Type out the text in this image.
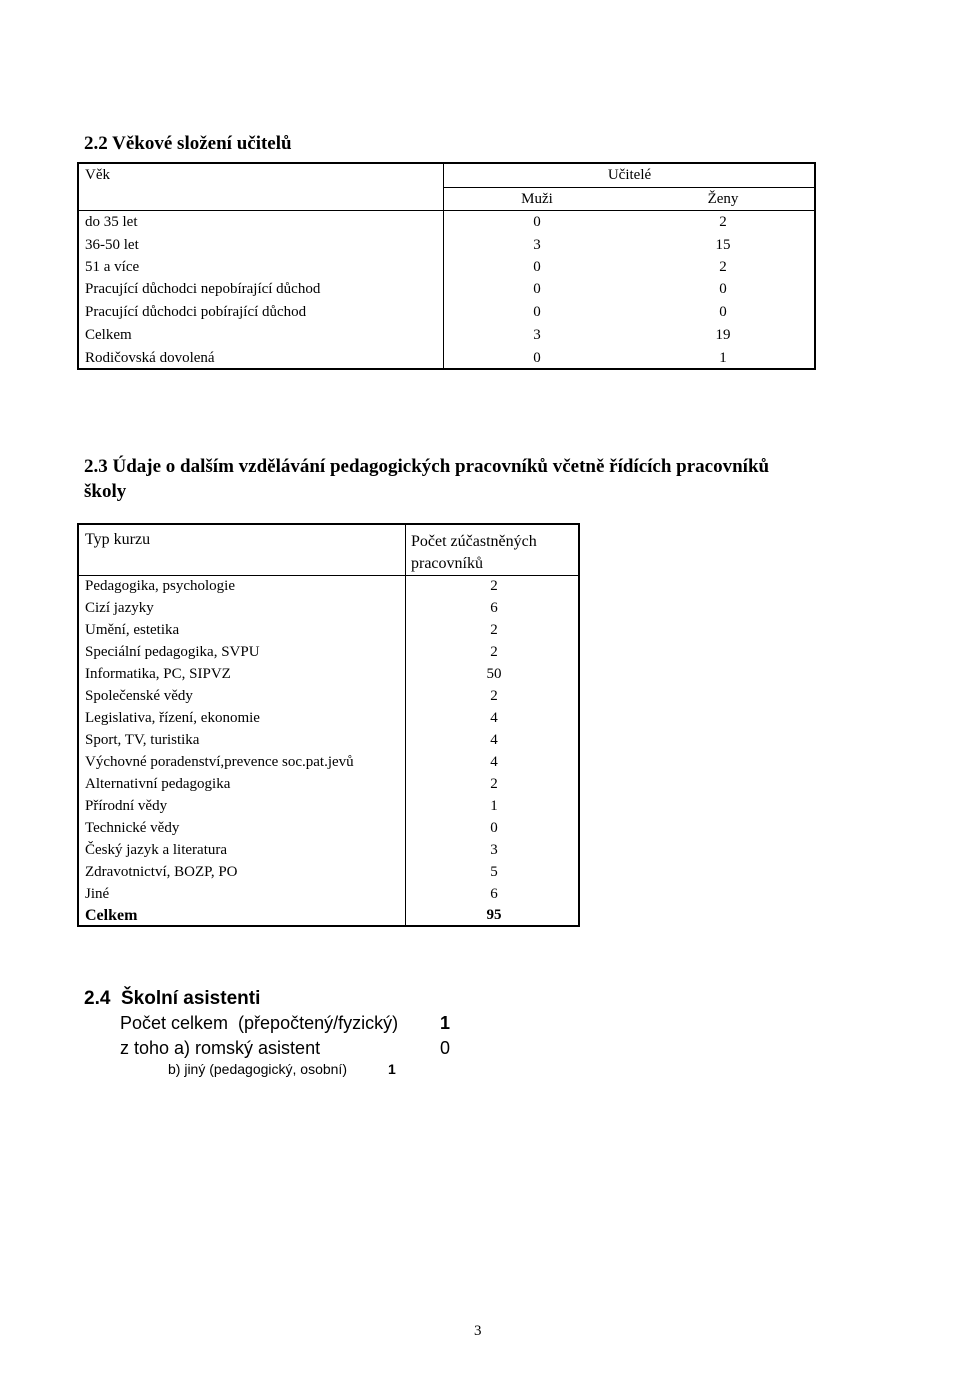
2.2 Věkové složení učitelů
Věk	Učitelé
Muži	Ženy
do 35 let	0	2
36-50 let	3	15
51 a více	0	2
Pracující důchodci nepobírající důchod	0	0
Pracující důchodci pobírající důchod	0	0
Celkem	3	19
Rodičovská dovolená	0	1
2.3 Údaje o dalším vzdělávání pedagogických pracovníků včetně řídících pracovníků
školy
Typ kurzu	Počet zúčastněných
pracovníků
Pedagogika, psychologie	2
Cizí jazyky	6
Umění, estetika	2
Speciální pedagogika, SVPU	2
Informatika, PC, SIPVZ	50
Společenské vědy	2
Legislativa, řízení, ekonomie	4
Sport, TV, turistika	4
Výchovné poradenství,prevence soc.pat.jevů	4
Alternativní pedagogika	2
Přírodní vědy	1
Technické vědy	0
Český jazyk a literatura	3
Zdravotnictví, BOZP, PO	5
Jiné	6
Celkem	95
2.4  Školní asistenti
Počet celkem  (přepočtený/fyzický) 1
z toho a) romský asistent	0
b) jiný (pedagogický, osobní)	1
3
